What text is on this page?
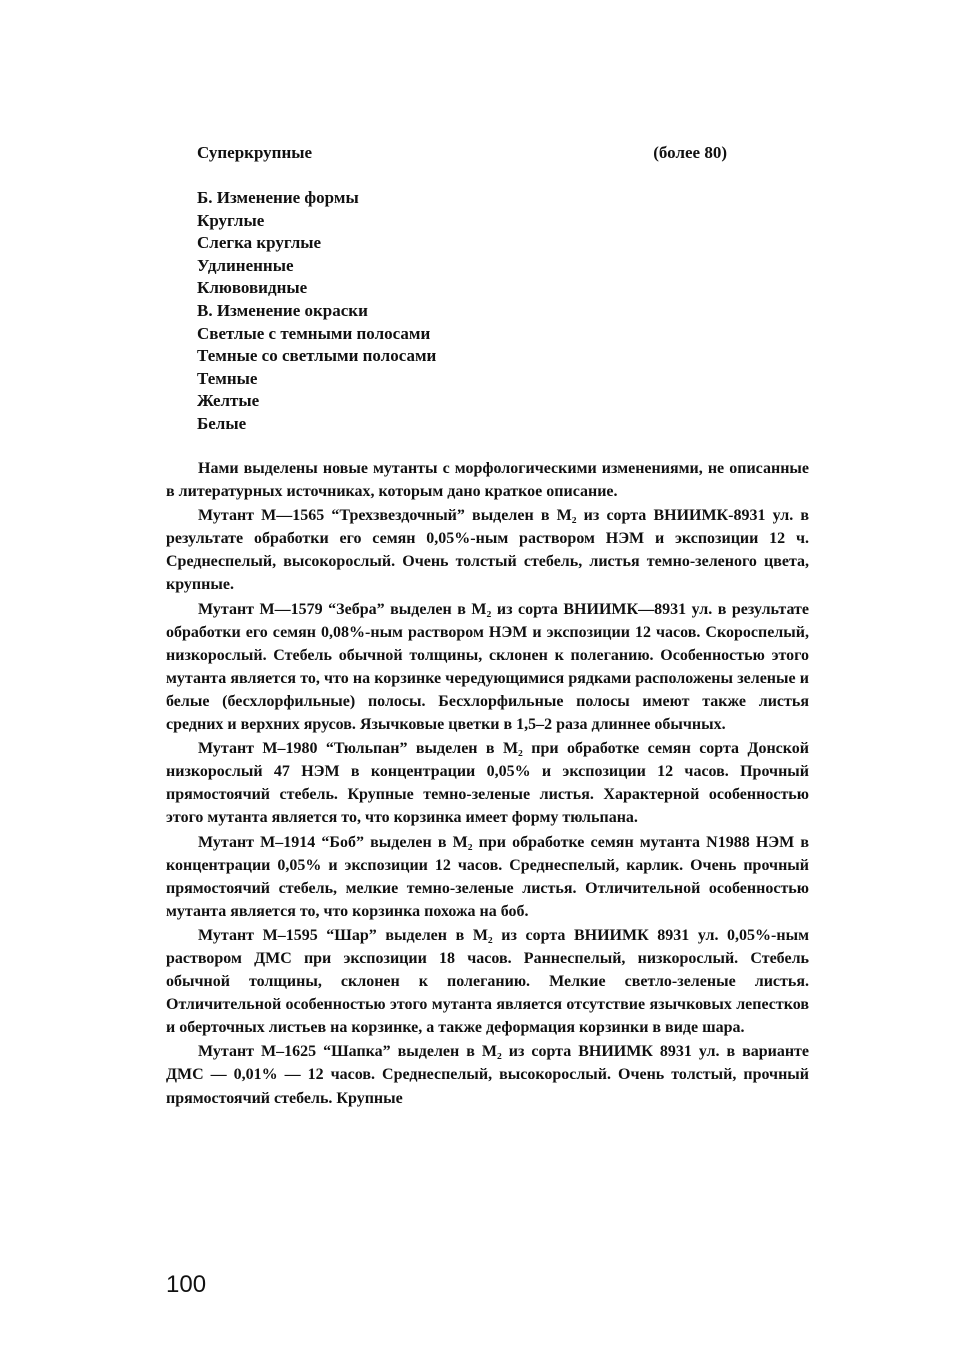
Суперкрупные	(более 80)
Б. Изменение формы
Круглые
Слегка круглые
Удлиненные
Клювовидные
В. Изменение окраски
Светлые с темными полосами
Темные со светлыми полосами
Темные
Желтые
Белые

Нами выделены новые мутанты с морфологическими изменениями, не описанные в литературных источниках, которым дано краткое описание.

Мутант М—1565 “Трехзвездочный” выделен в М₂ из сорта ВНИИМК-8931 ул. в результате обработки его семян 0,05%-ным раствором НЭМ и экспозиции 12 ч. Среднеспелый, высокорослый. Очень толстый стебель, листья темно-зеленого цвета, крупные.

Мутант М—1579 “Зебра” выделен в М₂ из сорта ВНИИМК—8931 ул. в результате обработки его семян 0,08%-ным раствором НЭМ и экспозиции 12 часов. Скороспелый, низкорослый. Стебель обычной толщины, склонен к полеганию. Особенностью этого мутанта является то, что на корзинке чередующимися рядками расположены зеленые и белые (бесхлорфильные) полосы. Бесхлорфильные полосы имеют также листья средних и верхних ярусов. Язычковые цветки в 1,5–2 раза длиннее обычных.

Мутант М–1980 “Тюльпан” выделен в М₂ при обработке семян сорта Донской низкорослый 47 НЭМ в концентрации 0,05% и экспозиции 12 часов. Прочный прямостоячий стебель. Крупные темно-зеленые листья. Характерной особенностью этого мутанта является то, что корзинка имеет форму тюльпана.

Мутант М–1914 “Боб” выделен в М₂ при обработке семян мутанта N1988 НЭМ в концентрации 0,05% и экспозиции 12 часов. Среднеспелый, карлик. Очень прочный прямостоячий стебель, мелкие темно-зеленые листья. Отличительной особенностью мутанта является то, что корзинка похожа на боб.

Мутант М–1595 “Шар” выделен в М₂ из сорта ВНИИМК 8931 ул. 0,05%-ным раствором ДМС при экспозиции 18 часов. Раннеспелый, низкорослый. Стебель обычной толщины, склонен к полеганию. Мелкие светло-зеленые листья. Отличительной особенностью этого мутанта является отсутствие язычковых лепестков и оберточных листьев на корзинке, а также деформация корзинки в виде шара.

Мутант М–1625 “Шапка” выделен в М₂ из сорта ВНИИМК 8931 ул. в варианте ДМС — 0,01% — 12 часов. Среднеспелый, высокорослый. Очень толстый, прочный прямостоячий стебель. Крупные

100
